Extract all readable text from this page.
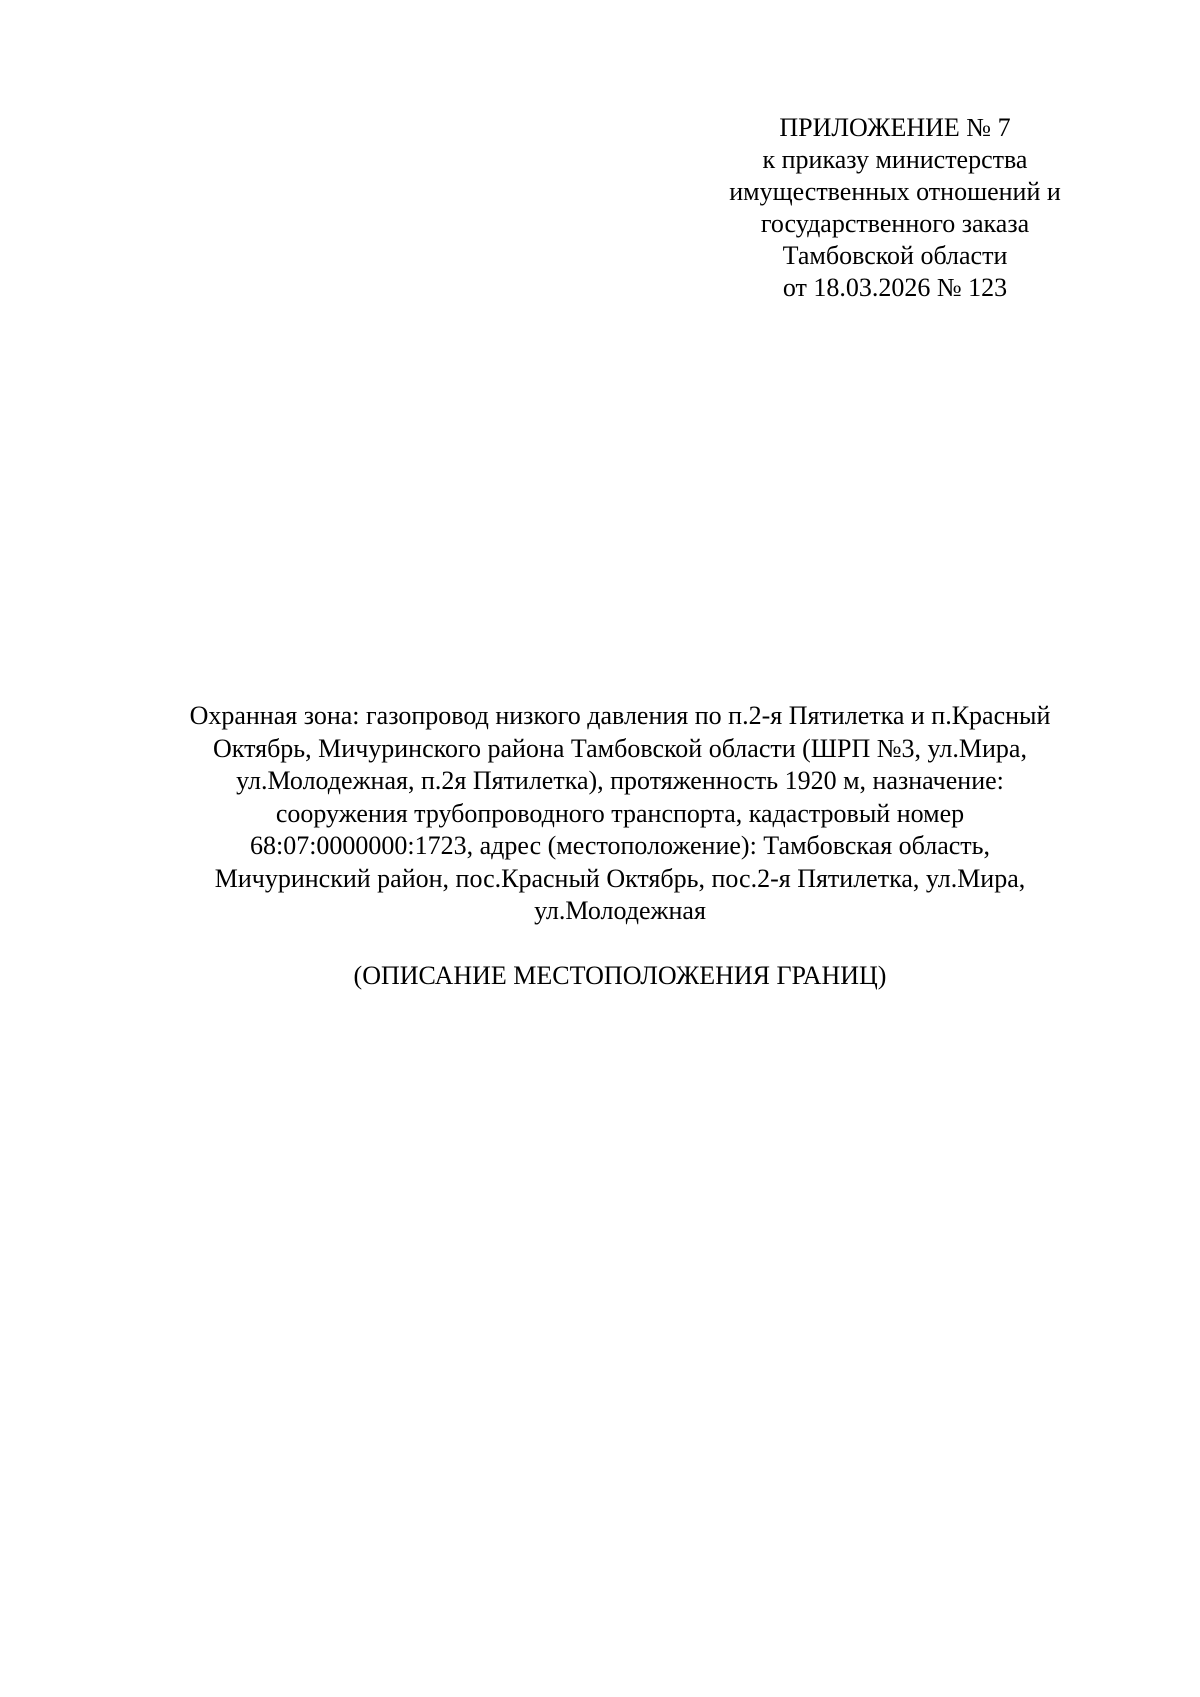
ПРИЛОЖЕНИЕ № 7
к приказу министерства
имущественных отношений и
государственного заказа
Тамбовской области
от 18.03.2026 № 123
Охранная зона: газопровод низкого давления по п.2-я Пятилетка и п.Красный
Октябрь, Мичуринского района Тамбовской области (ШРП №3, ул.Мира,
ул.Молодежная, п.2я Пятилетка), протяженность 1920 м, назначение:
сооружения трубопроводного транспорта, кадастровый номер
68:07:0000000:1723, адрес (местоположение): Тамбовская область,
Мичуринский район, пос.Красный Октябрь, пос.2-я Пятилетка, ул.Мира,
ул.Молодежная
(ОПИСАНИЕ МЕСТОПОЛОЖЕНИЯ ГРАНИЦ)
